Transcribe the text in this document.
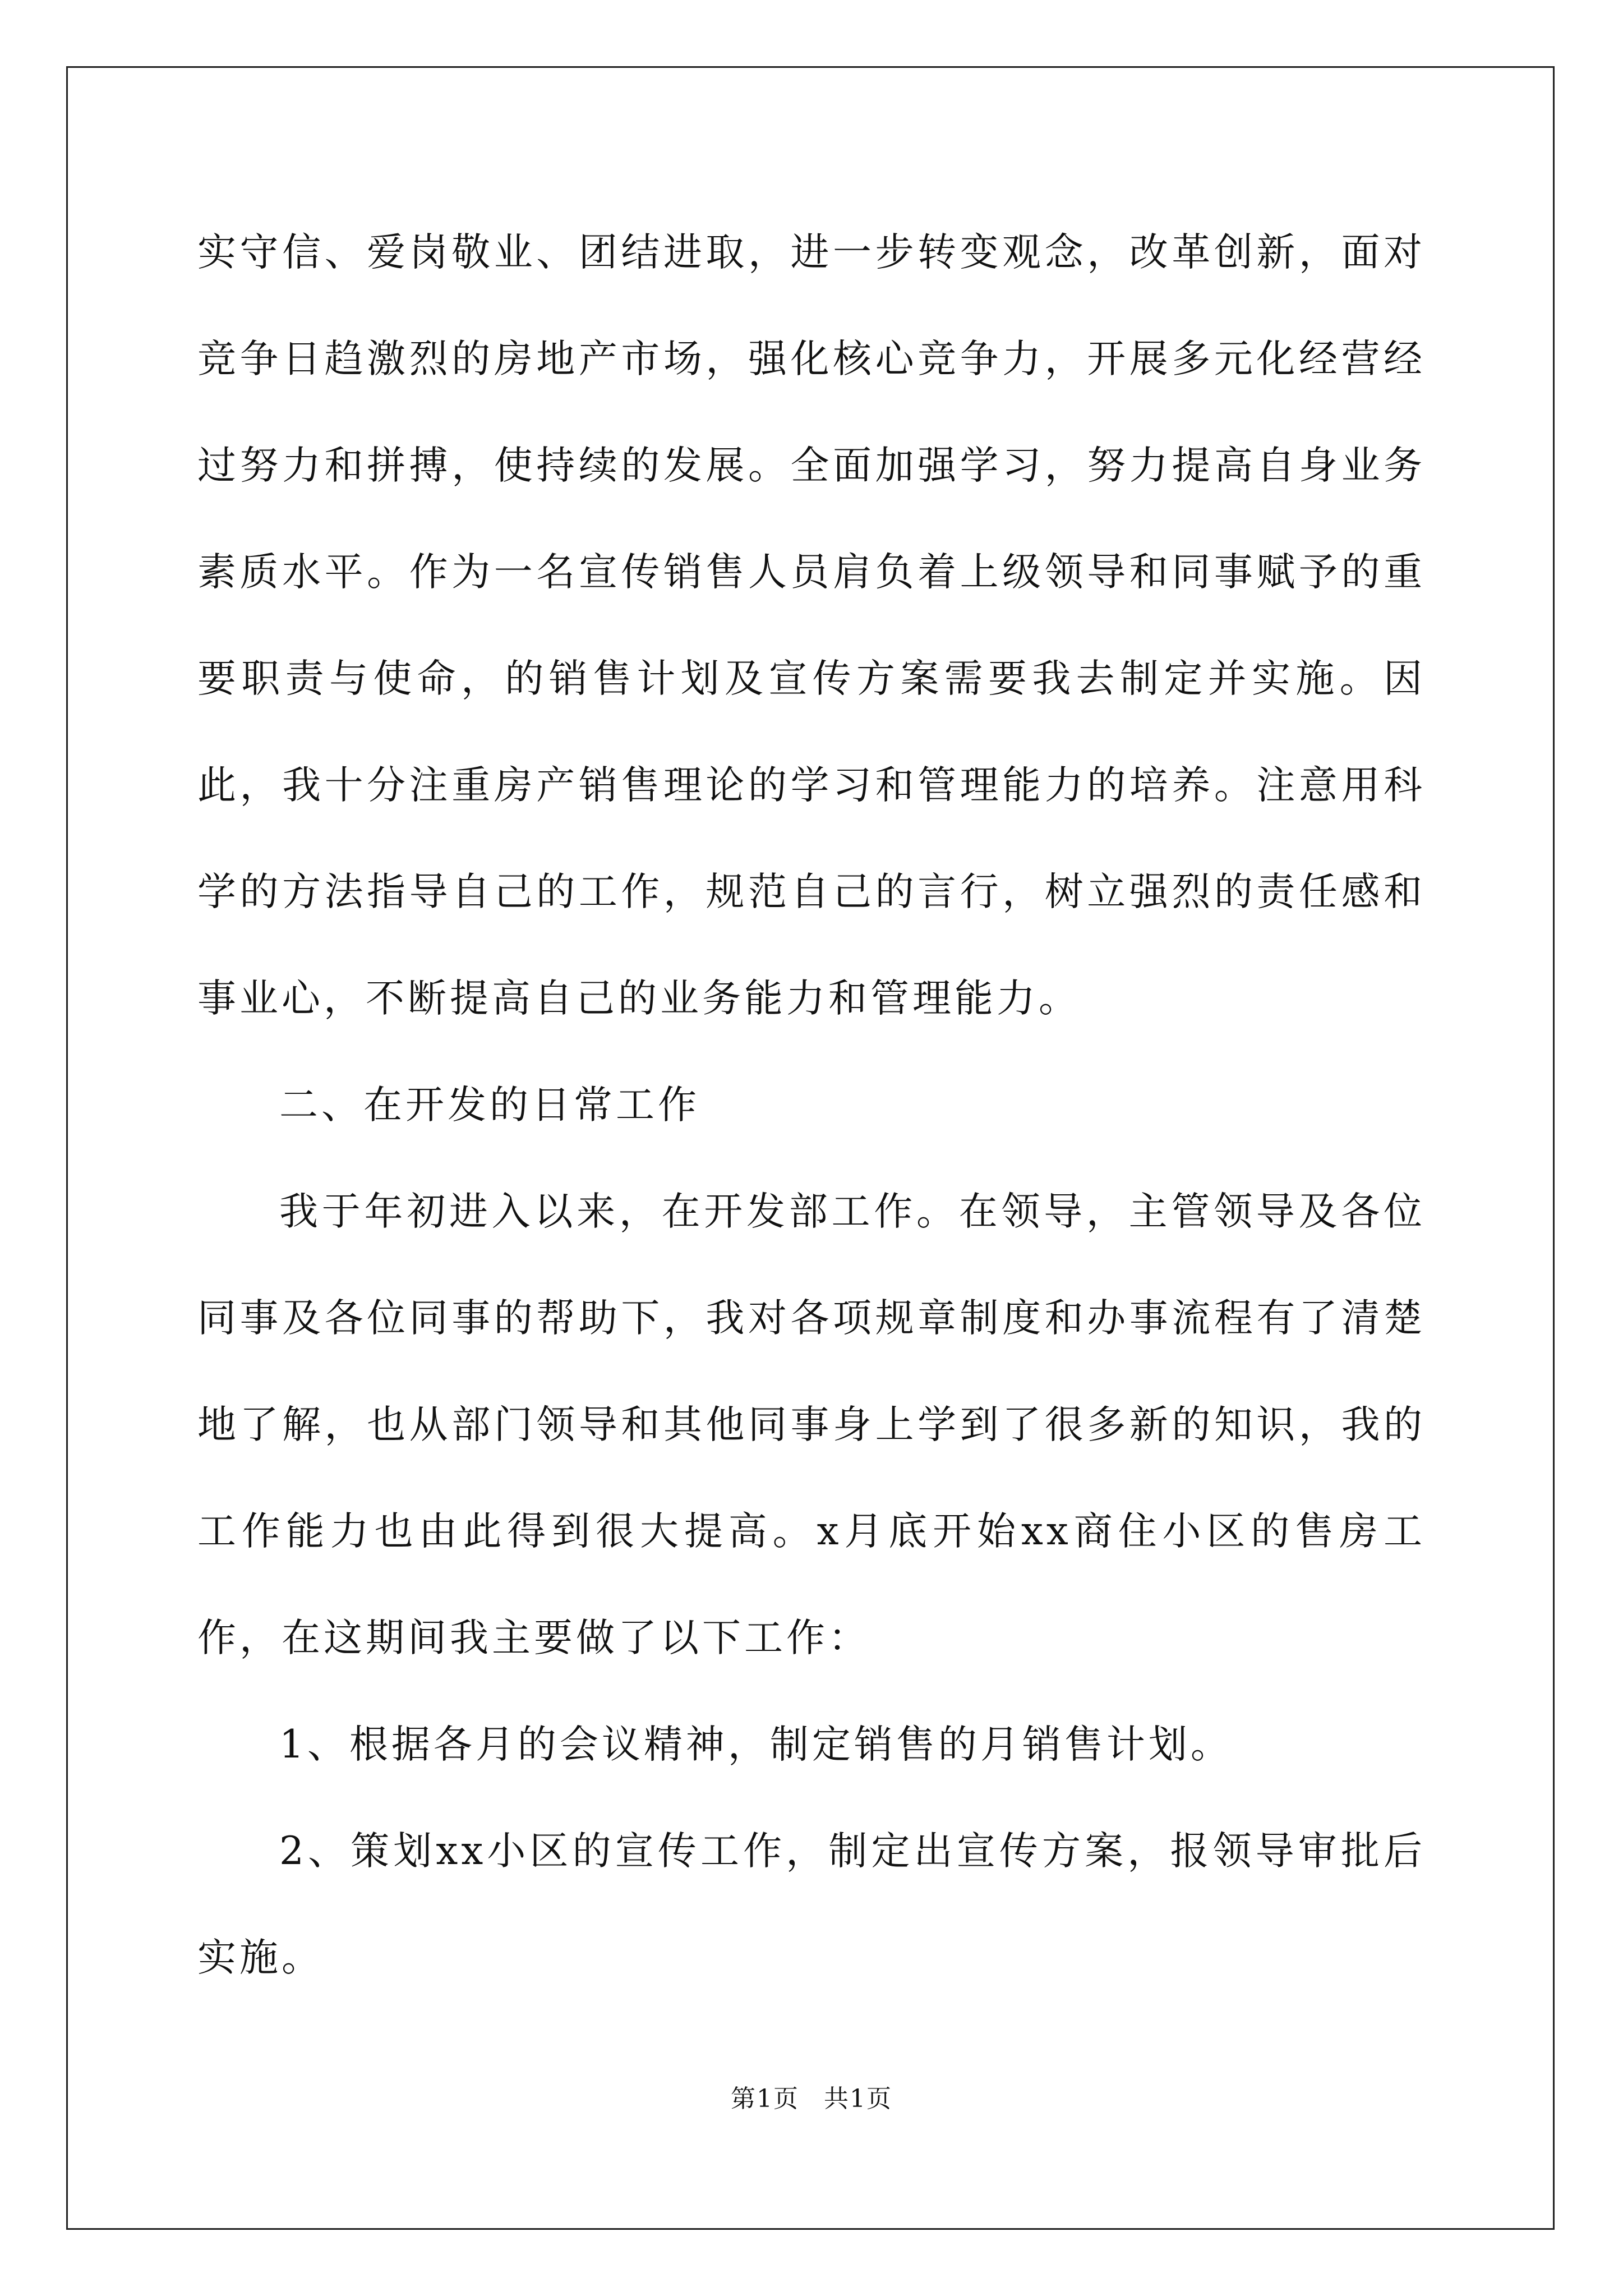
实守信、爱岗敬业、团结进取，进一步转变观念，改革创新，面对竞争日趋激烈的房地产市场，强化核心竞争力，开展多元化经营经过努力和拼搏，使持续的发展。全面加强学习，努力提高自身业务素质水平。作为一名宣传销售人员肩负着上级领导和同事赋予的重要职责与使命，的销售计划及宣传方案需要我去制定并实施。因此，我十分注重房产销售理论的学习和管理能力的培养。注意用科学的方法指导自己的工作，规范自己的言行，树立强烈的责任感和事业心，不断提高自己的业务能力和管理能力。

二、在开发的日常工作

我于年初进入以来，在开发部工作。在领导，主管领导及各位同事及各位同事的帮助下，我对各项规章制度和办事流程有了清楚地了解，也从部门领导和其他同事身上学到了很多新的知识，我的工作能力也由此得到很大提高。x月底开始xx商住小区的售房工作，在这期间我主要做了以下工作：

1、根据各月的会议精神，制定销售的月销售计划。

2、策划xx小区的宣传工作，制定出宣传方案，报领导审批后实施。

第1页 共1页
